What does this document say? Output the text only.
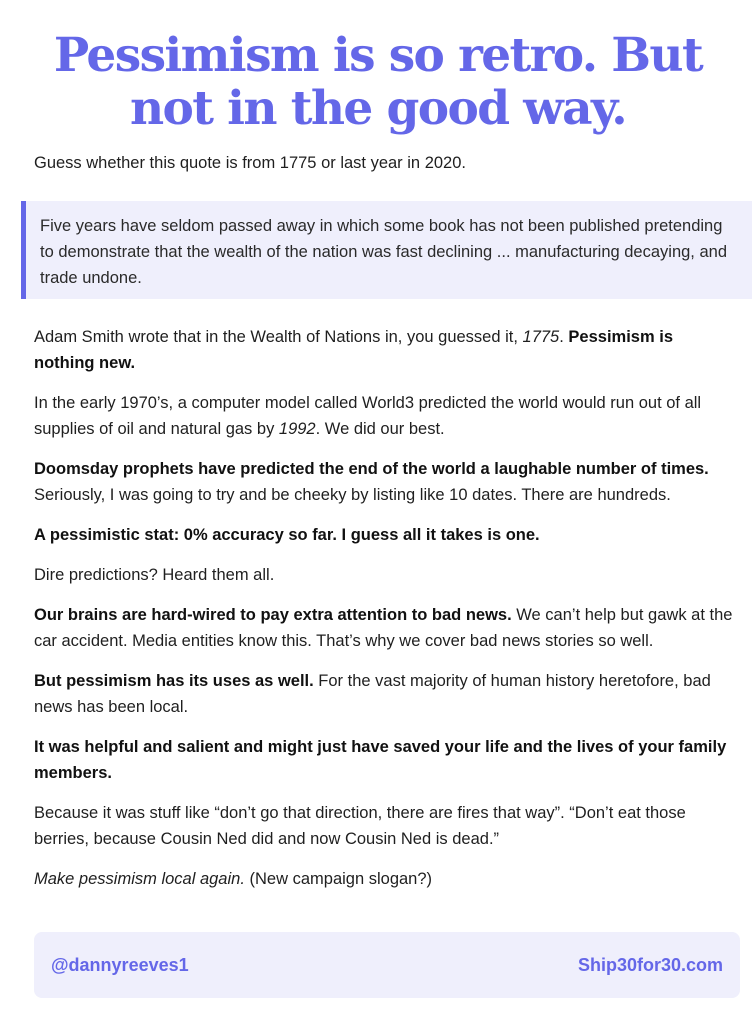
Pessimism is so retro. But not in the good way.

Guess whether this quote is from 1775 or last year in 2020.

Five years have seldom passed away in which some book has not been published pretending to demonstrate that the wealth of the nation was fast declining ... manufacturing decaying, and trade undone.

Adam Smith wrote that in the Wealth of Nations in, you guessed it, 1775. Pessimism is nothing new.

In the early 1970’s, a computer model called World3 predicted the world would run out of all supplies of oil and natural gas by 1992. We did our best.

Doomsday prophets have predicted the end of the world a laughable number of times. Seriously, I was going to try and be cheeky by listing like 10 dates. There are hundreds.

A pessimistic stat: 0% accuracy so far. I guess all it takes is one.

Dire predictions? Heard them all.

Our brains are hard-wired to pay extra attention to bad news. We can’t help but gawk at the car accident. Media entities know this. That’s why we cover bad news stories so well.

But pessimism has its uses as well. For the vast majority of human history heretofore, bad news has been local.

It was helpful and salient and might just have saved your life and the lives of your family members.

Because it was stuff like “don’t go that direction, there are fires that way”. “Don’t eat those berries, because Cousin Ned did and now Cousin Ned is dead.”

Make pessimism local again. (New campaign slogan?)

@dannyreeves1	Ship30for30.com
